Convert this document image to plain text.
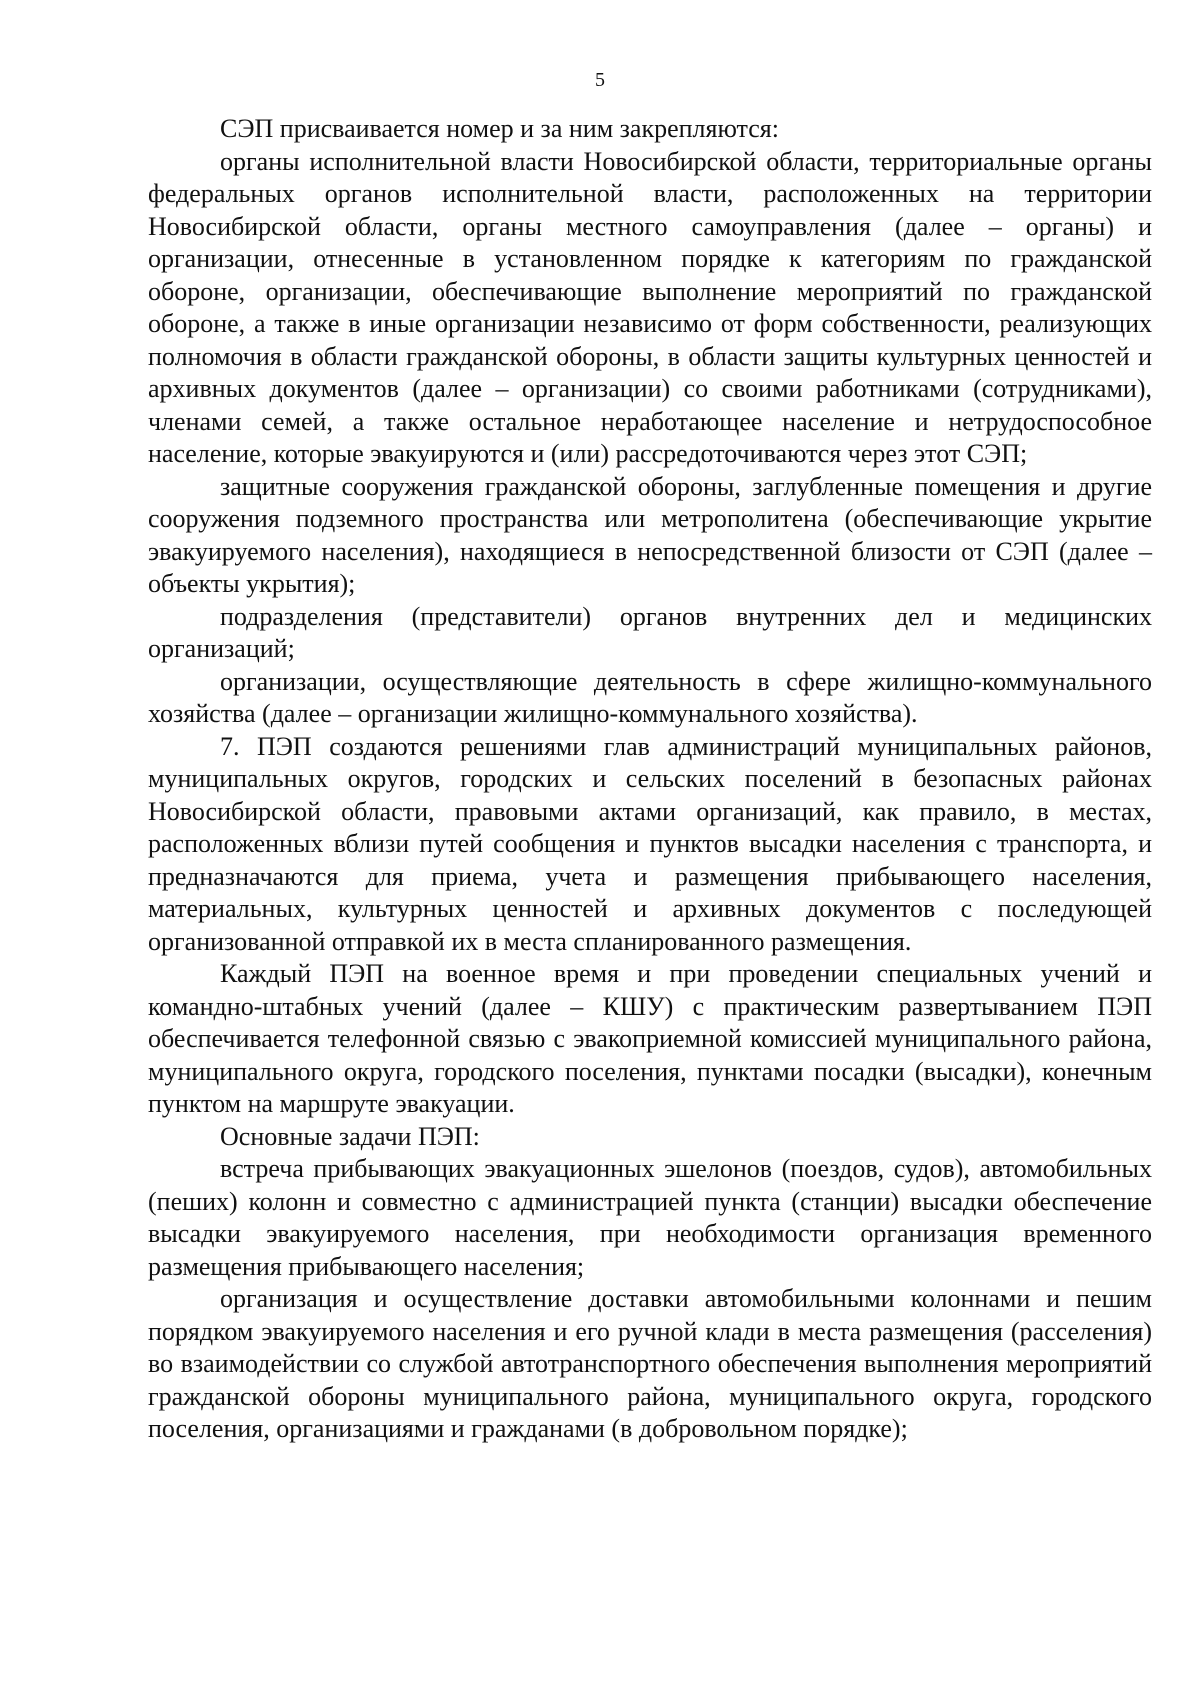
5

СЭП присваивается номер и за ним закрепляются:

органы исполнительной власти Новосибирской области, территориальные органы федеральных органов исполнительной власти, расположенных на территории Новосибирской области, органы местного самоуправления (далее – органы) и организации, отнесенные в установленном порядке к категориям по гражданской обороне, организации, обеспечивающие выполнение мероприятий по гражданской обороне, а также в иные организации независимо от форм собственности, реализующих полномочия в области гражданской обороны, в области защиты культурных ценностей и архивных документов (далее – организации) со своими работниками (сотрудниками), членами семей, а также остальное неработающее население и нетрудоспособное население, которые эвакуируются и (или) рассредоточиваются через этот СЭП;

защитные сооружения гражданской обороны, заглубленные помещения и другие сооружения подземного пространства или метрополитена (обеспечивающие укрытие эвакуируемого населения), находящиеся в непосредственной близости от СЭП (далее – объекты укрытия);

подразделения (представители) органов внутренних дел и медицинских организаций;

организации, осуществляющие деятельность в сфере жилищно-коммунального хозяйства (далее – организации жилищно-коммунального хозяйства).

7. ПЭП создаются решениями глав администраций муниципальных районов, муниципальных округов, городских и сельских поселений в безопасных районах Новосибирской области, правовыми актами организаций, как правило, в местах, расположенных вблизи путей сообщения и пунктов высадки населения с транспорта, и предназначаются для приема, учета и размещения прибывающего населения, материальных, культурных ценностей и архивных документов с последующей организованной отправкой их в места спланированного размещения.

Каждый ПЭП на военное время и при проведении специальных учений и командно-штабных учений (далее – КШУ) с практическим развертыванием ПЭП обеспечивается телефонной связью с эвакоприемной комиссией муниципального района, муниципального округа, городского поселения, пунктами посадки (высадки), конечным пунктом на маршруте эвакуации.

Основные задачи ПЭП:

встреча прибывающих эвакуационных эшелонов (поездов, судов), автомобильных (пеших) колонн и совместно с администрацией пункта (станции) высадки обеспечение высадки эвакуируемого населения, при необходимости организация временного размещения прибывающего населения;

организация и осуществление доставки автомобильными колоннами и пешим порядком эвакуируемого населения и его ручной клади в места размещения (расселения) во взаимодействии со службой автотранспортного обеспечения выполнения мероприятий гражданской обороны муниципального района, муниципального округа, городского поселения, организациями и гражданами (в добровольном порядке);
